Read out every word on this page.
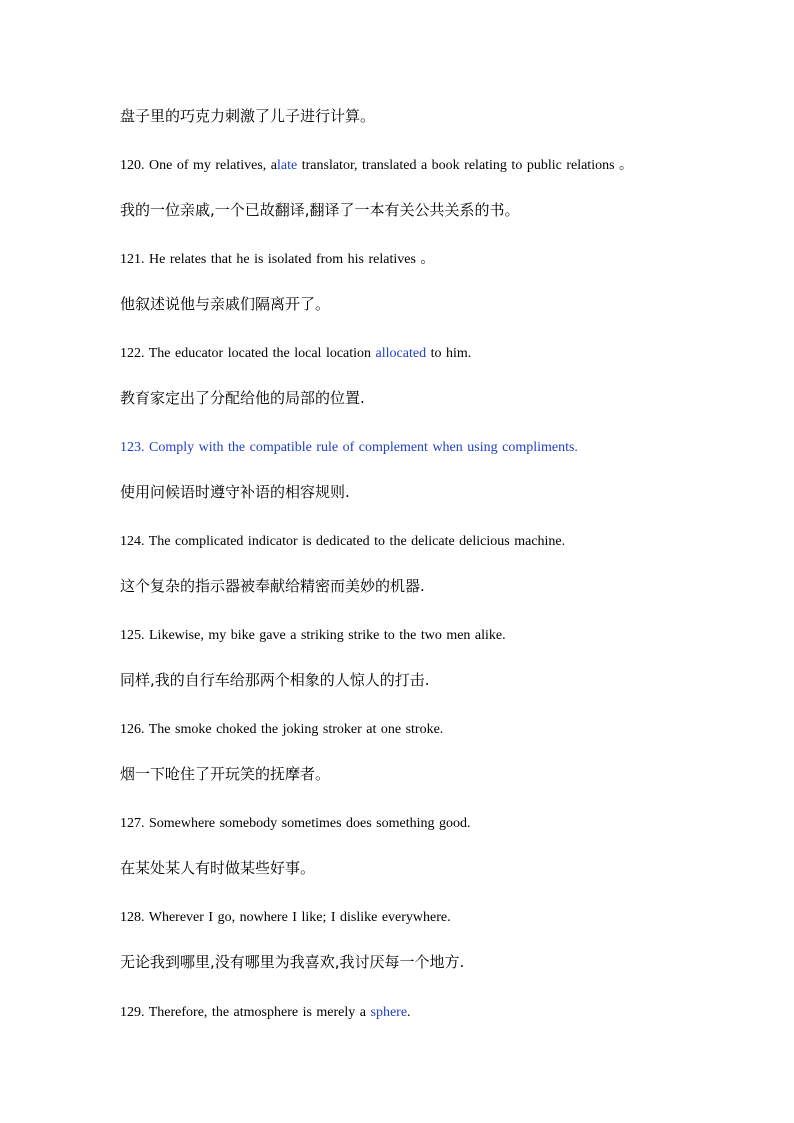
盘子里的巧克力刺激了儿子进行计算。
120. One of my relatives, alate translator, translated a book relating to public relations 。
我的一位亲戚,一个已故翻译,翻译了一本有关公共关系的书。
121. He relates that he is isolated from his relatives 。
他叙述说他与亲戚们隔离开了。
122. The educator located the local location allocated to him.
教育家定出了分配给他的局部的位置.
123. Comply with the compatible rule of complement when using compliments.
使用问候语时遵守补语的相容规则.
124. The complicated indicator is dedicated to the delicate delicious machine.
这个复杂的指示器被奉献给精密而美妙的机器.
125. Likewise, my bike gave a striking strike to the two men alike.
同样,我的自行车给那两个相象的人惊人的打击.
126. The smoke choked the joking stroker at one stroke.
烟一下呛住了开玩笑的抚摩者。
127. Somewhere somebody sometimes does something good.
在某处某人有时做某些好事。
128. Wherever I go, nowhere I like; I dislike everywhere.
无论我到哪里,没有哪里为我喜欢,我讨厌每一个地方.
129. Therefore, the atmosphere is merely a sphere.
